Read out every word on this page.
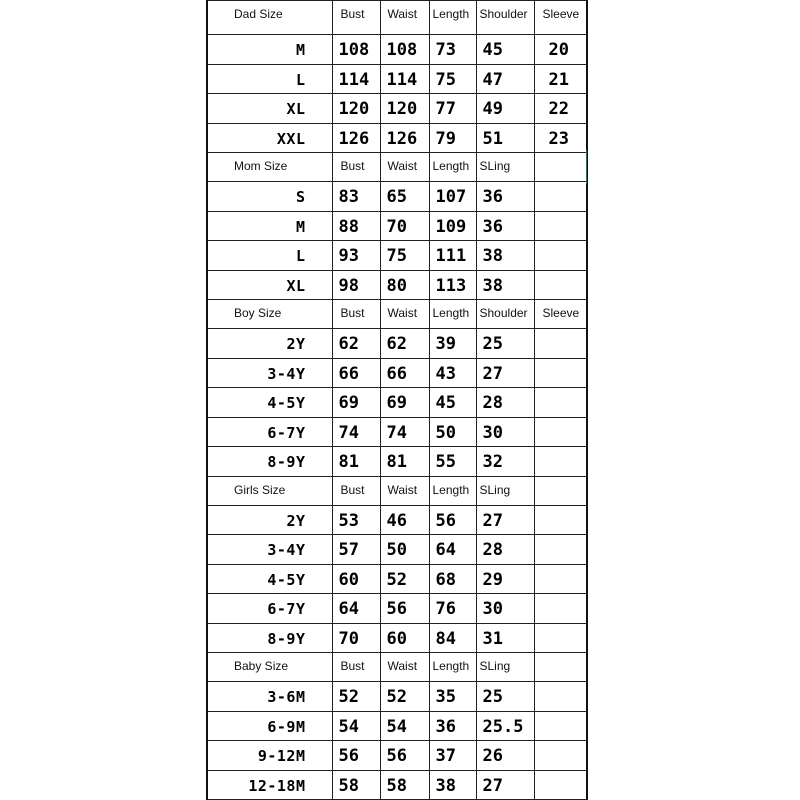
Dad Size	Bust	Waist	Length	Shoulder	Sleeve
M	108	108	73	45	20
L	114	114	75	47	21
XL	120	120	77	49	22
XXL	126	126	79	51	23
Mom Size	Bust	Waist	Length	SLing	
S	83	65	107	36	
M	88	70	109	36	
L	93	75	111	38	
XL	98	80	113	38	
Boy Size	Bust	Waist	Length	Shoulder	Sleeve
2Y	62	62	39	25	
3-4Y	66	66	43	27	
4-5Y	69	69	45	28	
6-7Y	74	74	50	30	
8-9Y	81	81	55	32	
Girls Size	Bust	Waist	Length	SLing	
2Y	53	46	56	27	
3-4Y	57	50	64	28	
4-5Y	60	52	68	29	
6-7Y	64	56	76	30	
8-9Y	70	60	84	31	
Baby Size	Bust	Waist	Length	SLing	
3-6M	52	52	35	25	
6-9M	54	54	36	25.5	
9-12M	56	56	37	26	
12-18M	58	58	38	27	
